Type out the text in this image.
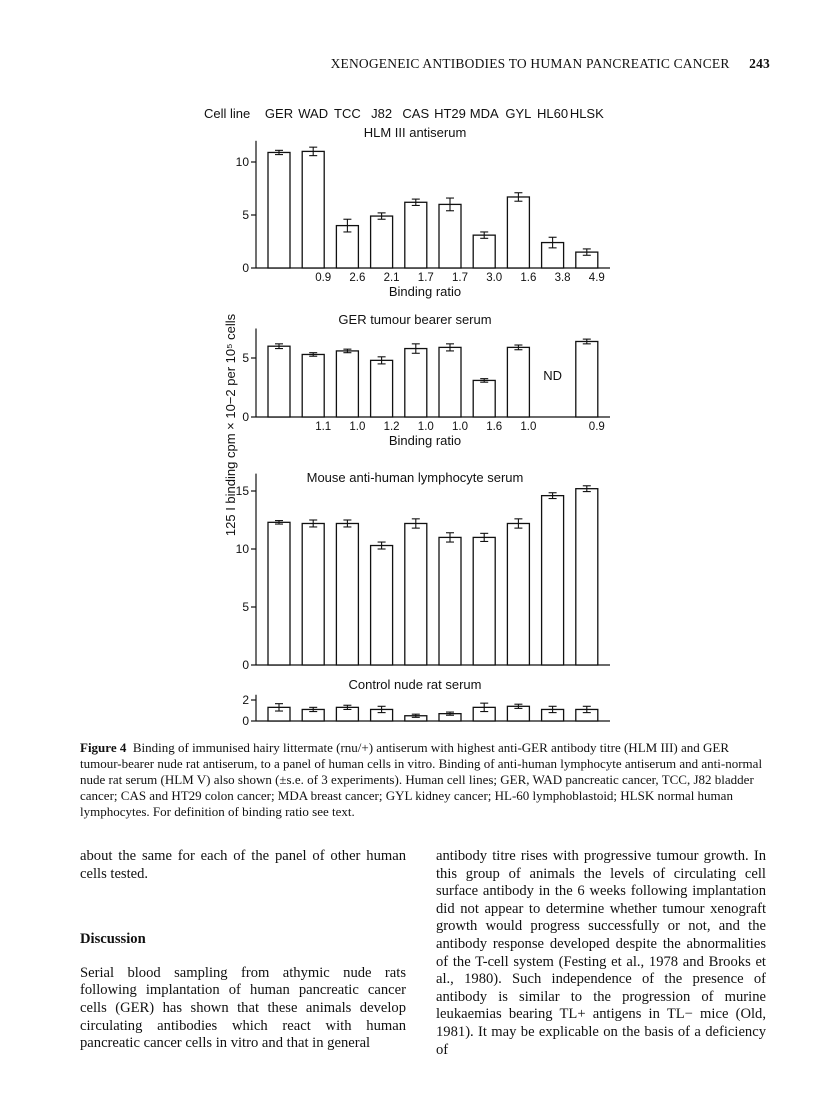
XENOGENEIC ANTIBODIES TO HUMAN PANCREATIC CANCER 243
Cell line GER WAD TCC J82 CAS HT29 MDA GYL HL60 HLSK
125 I binding cpm × 10−2 per 10⁵ cells
0
5
10
HLM III antiserum
0.9 2.6 2.1 1.7 1.7 3.0 1.6 3.8 4.9
Binding ratio
0
5
GER tumour bearer serum
ND
1.1 1.0 1.2 1.0 1.0 1.6 1.0	0.9
Binding ratio
0
5
10
15
Mouse anti-human lymphocyte serum
0
2
Control nude rat serum
Figure 4 Binding of immunised hairy littermate (rnu/+) antiserum with highest anti-GER antibody titre (HLM III) and GER tumour-bearer nude rat antiserum, to a panel of human cells in vitro. Binding of anti-human lymphocyte antiserum and anti-normal nude rat serum (HLM V) also shown (±s.e. of 3 experiments). Human cell lines; GER, WAD pancreatic cancer, TCC, J82 bladder cancer; CAS and HT29 colon cancer; MDA breast cancer; GYL kidney cancer; HL-60 lymphoblastoid; HLSK normal human lymphocytes. For definition of binding ratio see text.

about the same for each of the panel of other human cells tested.

Discussion

Serial blood sampling from athymic nude rats following implantation of human pancreatic cancer cells (GER) has shown that these animals develop circulating antibodies which react with human pancreatic cancer cells in vitro and that in general

antibody titre rises with progressive tumour growth. In this group of animals the levels of circulating cell surface antibody in the 6 weeks following implantation did not appear to determine whether tumour xenograft growth would progress successfully or not, and the antibody response developed despite the abnormalities of the T-cell system (Festing et al., 1978 and Brooks et al., 1980). Such independence of the presence of antibody is similar to the progression of murine leukaemias bearing TL+ antigens in TL− mice (Old, 1981). It may be explicable on the basis of a deficiency of
